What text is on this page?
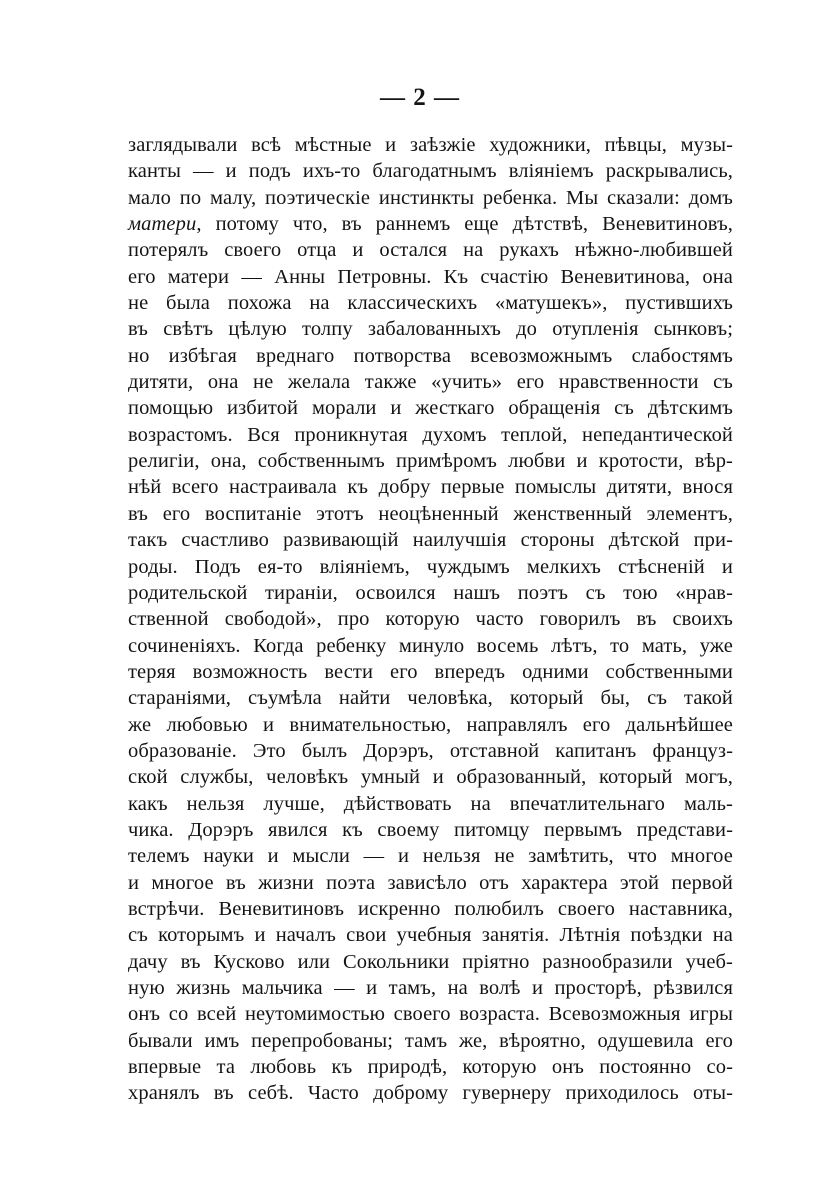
— 2 —
заглядывали всѣ мѣстные и заѣзжіе художники, пѣвцы, музы-
канты — и подъ ихъ-то благодатнымъ вліяніемъ раскрывались,
мало по малу, поэтическіе инстинкты ребенка. Мы сказали: домъ
матери, потому что, въ раннемъ еще дѣтствѣ, Веневитиновъ,
потерялъ своего отца и остался на рукахъ нѣжно-любившей
его матери — Анны Петровны. Къ счастію Веневитинова, она
не была похожа на классическихъ «матушекъ», пустившихъ
въ свѣтъ цѣлую толпу забалованныхъ до отупленія сынковъ;
но избѣгая вреднаго потворства всевозможнымъ слабостямъ
дитяти, она не желала также «учить» его нравственности съ
помощью избитой морали и жесткаго обращенія съ дѣтскимъ
возрастомъ. Вся проникнутая духомъ теплой, непедантической
религіи, она, собственнымъ примѣромъ любви и кротости, вѣр-
нѣй всего настраивала къ добру первые помыслы дитяти, внося
въ его воспитаніе этотъ неоцѣненный женственный элементъ,
такъ счастливо развивающій наилучшія стороны дѣтской при-
роды. Подъ ея-то вліяніемъ, чуждымъ мелкихъ стѣсненій и
родительской тираніи, освоился нашъ поэтъ съ тою «нрав-
ственной свободой», про которую часто говорилъ въ своихъ
сочиненіяхъ. Когда ребенку минуло восемь лѣтъ, то мать, уже
теряя возможность вести его впередъ одними собственными
стараніями, съумѣла найти человѣка, который бы, съ такой
же любовью и внимательностью, направлялъ его дальнѣйшее
образованіе. Это былъ Дорэръ, отставной капитанъ француз-
ской службы, человѣкъ умный и образованный, который могъ,
какъ нельзя лучше, дѣйствовать на впечатлительнаго маль-
чика. Дорэръ явился къ своему питомцу первымъ представи-
телемъ науки и мысли — и нельзя не замѣтить, что многое
и многое въ жизни поэта зависѣло отъ характера этой первой
встрѣчи. Веневитиновъ искренно полюбилъ своего наставника,
съ которымъ и началъ свои учебныя занятія. Лѣтнія поѣздки на
дачу въ Кусково или Сокольники пріятно разнообразили учеб-
ную жизнь мальчика — и тамъ, на волѣ и просторѣ, рѣзвился
онъ со всей неутомимостью своего возраста. Всевозможныя игры
бывали имъ перепробованы; тамъ же, вѣроятно, одушевила его
впервые та любовь къ природѣ, которую онъ постоянно со-
хранялъ въ себѣ. Часто доброму гувернеру приходилось оты-
